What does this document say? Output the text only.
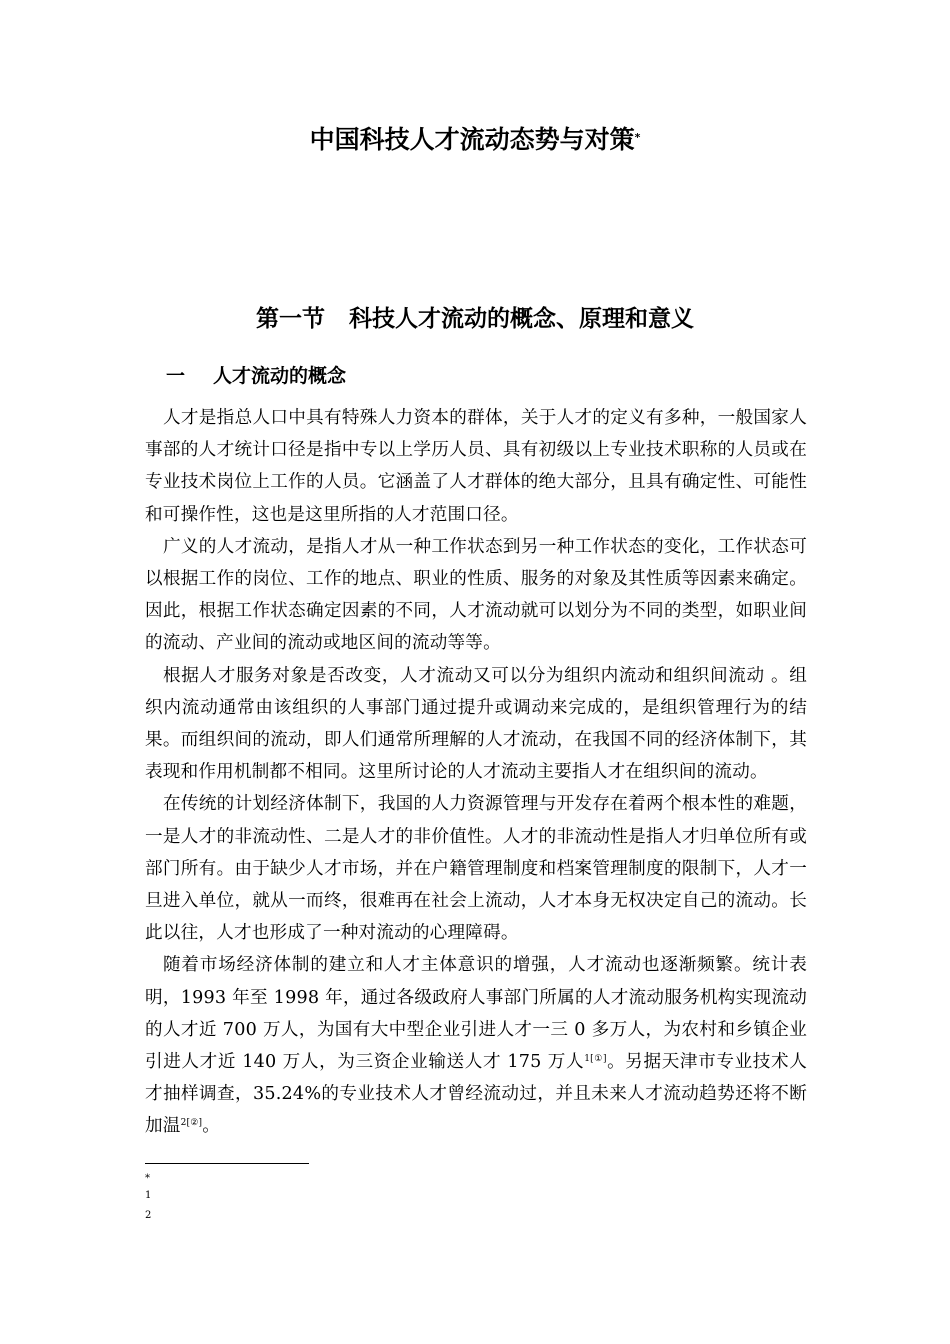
中国科技人才流动态势与对策*
第一节 科技人才流动的概念、原理和意义
一 人才流动的概念

人才是指总人口中具有特殊人力资本的群体，关于人才的定义有多种，一般国家人事部的人才统计口径是指中专以上学历人员、具有初级以上专业技术职称的人员或在专业技术岗位上工作的人员。它涵盖了人才群体的绝大部分，且具有确定性、可能性和可操作性，这也是这里所指的人才范围口径。

广义的人才流动，是指人才从一种工作状态到另一种工作状态的变化，工作状态可以根据工作的岗位、工作的地点、职业的性质、服务的对象及其性质等因素来确定。因此，根据工作状态确定因素的不同，人才流动就可以划分为不同的类型，如职业间的流动、产业间的流动或地区间的流动等等。

根据人才服务对象是否改变，人才流动又可以分为组织内流动和组织间流动 。组织内流动通常由该组织的人事部门通过提升或调动来完成的，是组织管理行为的结果。而组织间的流动，即人们通常所理解的人才流动，在我国不同的经济体制下，其表现和作用机制都不相同。这里所讨论的人才流动主要指人才在组织间的流动。

在传统的计划经济体制下，我国的人力资源管理与开发存在着两个根本性的难题，一是人才的非流动性、二是人才的非价值性。人才的非流动性是指人才归单位所有或部门所有。由于缺少人才市场，并在户籍管理制度和档案管理制度的限制下，人才一旦进入单位，就从一而终，很难再在社会上流动，人才本身无权决定自己的流动。长此以往，人才也形成了一种对流动的心理障碍。

随着市场经济体制的建立和人才主体意识的增强，人才流动也逐渐频繁。统计表明，1993 年至 1998 年，通过各级政府人事部门所属的人才流动服务机构实现流动的人才近 700 万人，为国有大中型企业引进人才一三 0 多万人，为农村和乡镇企业引进人才近 140 万人，为三资企业输送人才 175 万人$^{1[①]}$。另据天津市专业技术人才抽样调查，35.24%的专业技术人才曾经流动过，并且未来人才流动趋势还将不断加温$^{2[②]}$。

*
1
2
